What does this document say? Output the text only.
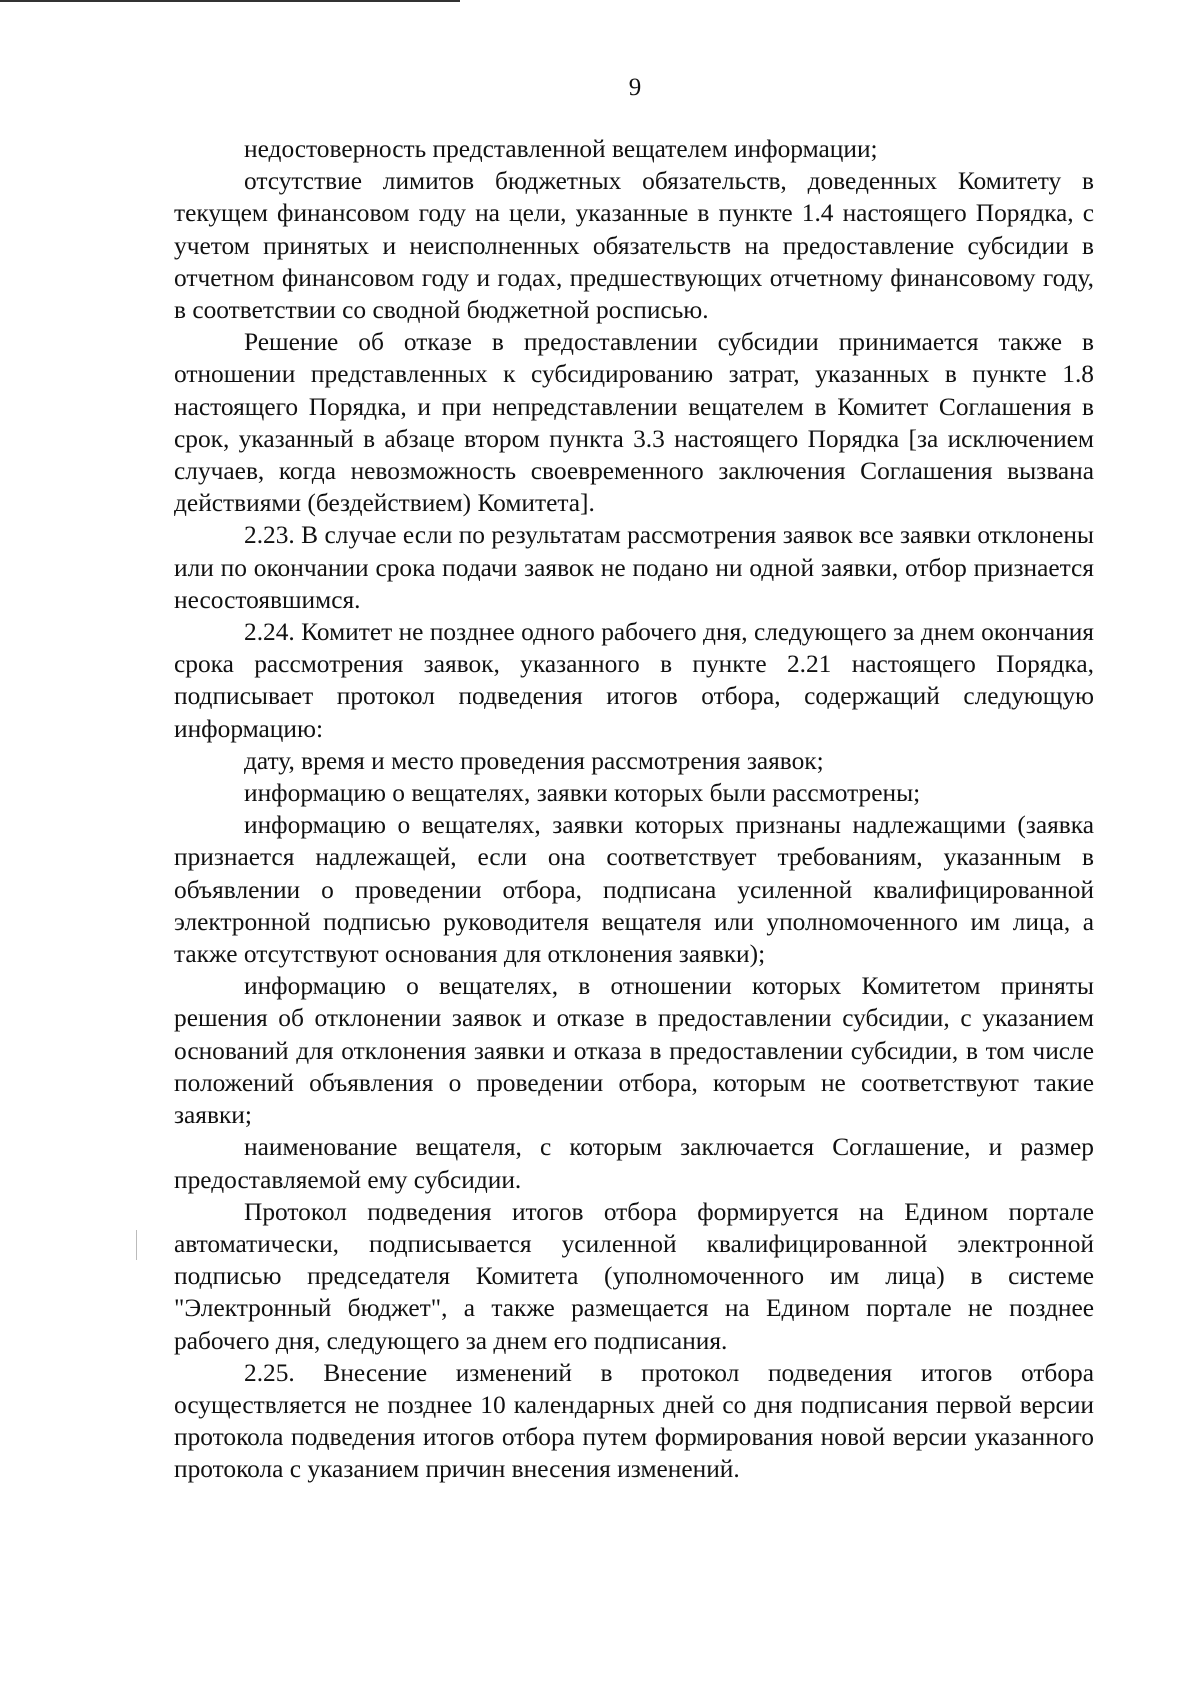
9

недостоверность представленной вещателем информации;

отсутствие лимитов бюджетных обязательств, доведенных Комитету в текущем финансовом году на цели, указанные в пункте 1.4 настоящего Порядка, с учетом принятых и неисполненных обязательств на предоставление субсидии в отчетном финансовом году и годах, предшествующих отчетному финансовому году, в соответствии со сводной бюджетной росписью.

Решение об отказе в предоставлении субсидии принимается также в отношении представленных к субсидированию затрат, указанных в пункте 1.8 настоящего Порядка, и при непредставлении вещателем в Комитет Соглашения в срок, указанный в абзаце втором пункта 3.3 настоящего Порядка [за исключением случаев, когда невозможность своевременного заключения Соглашения вызвана действиями (бездействием) Комитета].

2.23. В случае если по результатам рассмотрения заявок все заявки отклонены или по окончании срока подачи заявок не подано ни одной заявки, отбор признается несостоявшимся.

2.24. Комитет не позднее одного рабочего дня, следующего за днем окончания срока рассмотрения заявок, указанного в пункте 2.21 настоящего Порядка, подписывает протокол подведения итогов отбора, содержащий следующую информацию:

дату, время и место проведения рассмотрения заявок;

информацию о вещателях, заявки которых были рассмотрены;

информацию о вещателях, заявки которых признаны надлежащими (заявка признается надлежащей, если она соответствует требованиям, указанным в объявлении о проведении отбора, подписана усиленной квалифицированной электронной подписью руководителя вещателя или уполномоченного им лица, а также отсутствуют основания для отклонения заявки);

информацию о вещателях, в отношении которых Комитетом приняты решения об отклонении заявок и отказе в предоставлении субсидии, с указанием оснований для отклонения заявки и отказа в предоставлении субсидии, в том числе положений объявления о проведении отбора, которым не соответствуют такие заявки;

наименование вещателя, с которым заключается Соглашение, и размер предоставляемой ему субсидии.

Протокол подведения итогов отбора формируется на Едином портале автоматически, подписывается усиленной квалифицированной электронной подписью председателя Комитета (уполномоченного им лица) в системе "Электронный бюджет", а также размещается на Едином портале не позднее рабочего дня, следующего за днем его подписания.

2.25. Внесение изменений в протокол подведения итогов отбора осуществляется не позднее 10 календарных дней со дня подписания первой версии протокола подведения итогов отбора путем формирования новой версии указанного протокола с указанием причин внесения изменений.
